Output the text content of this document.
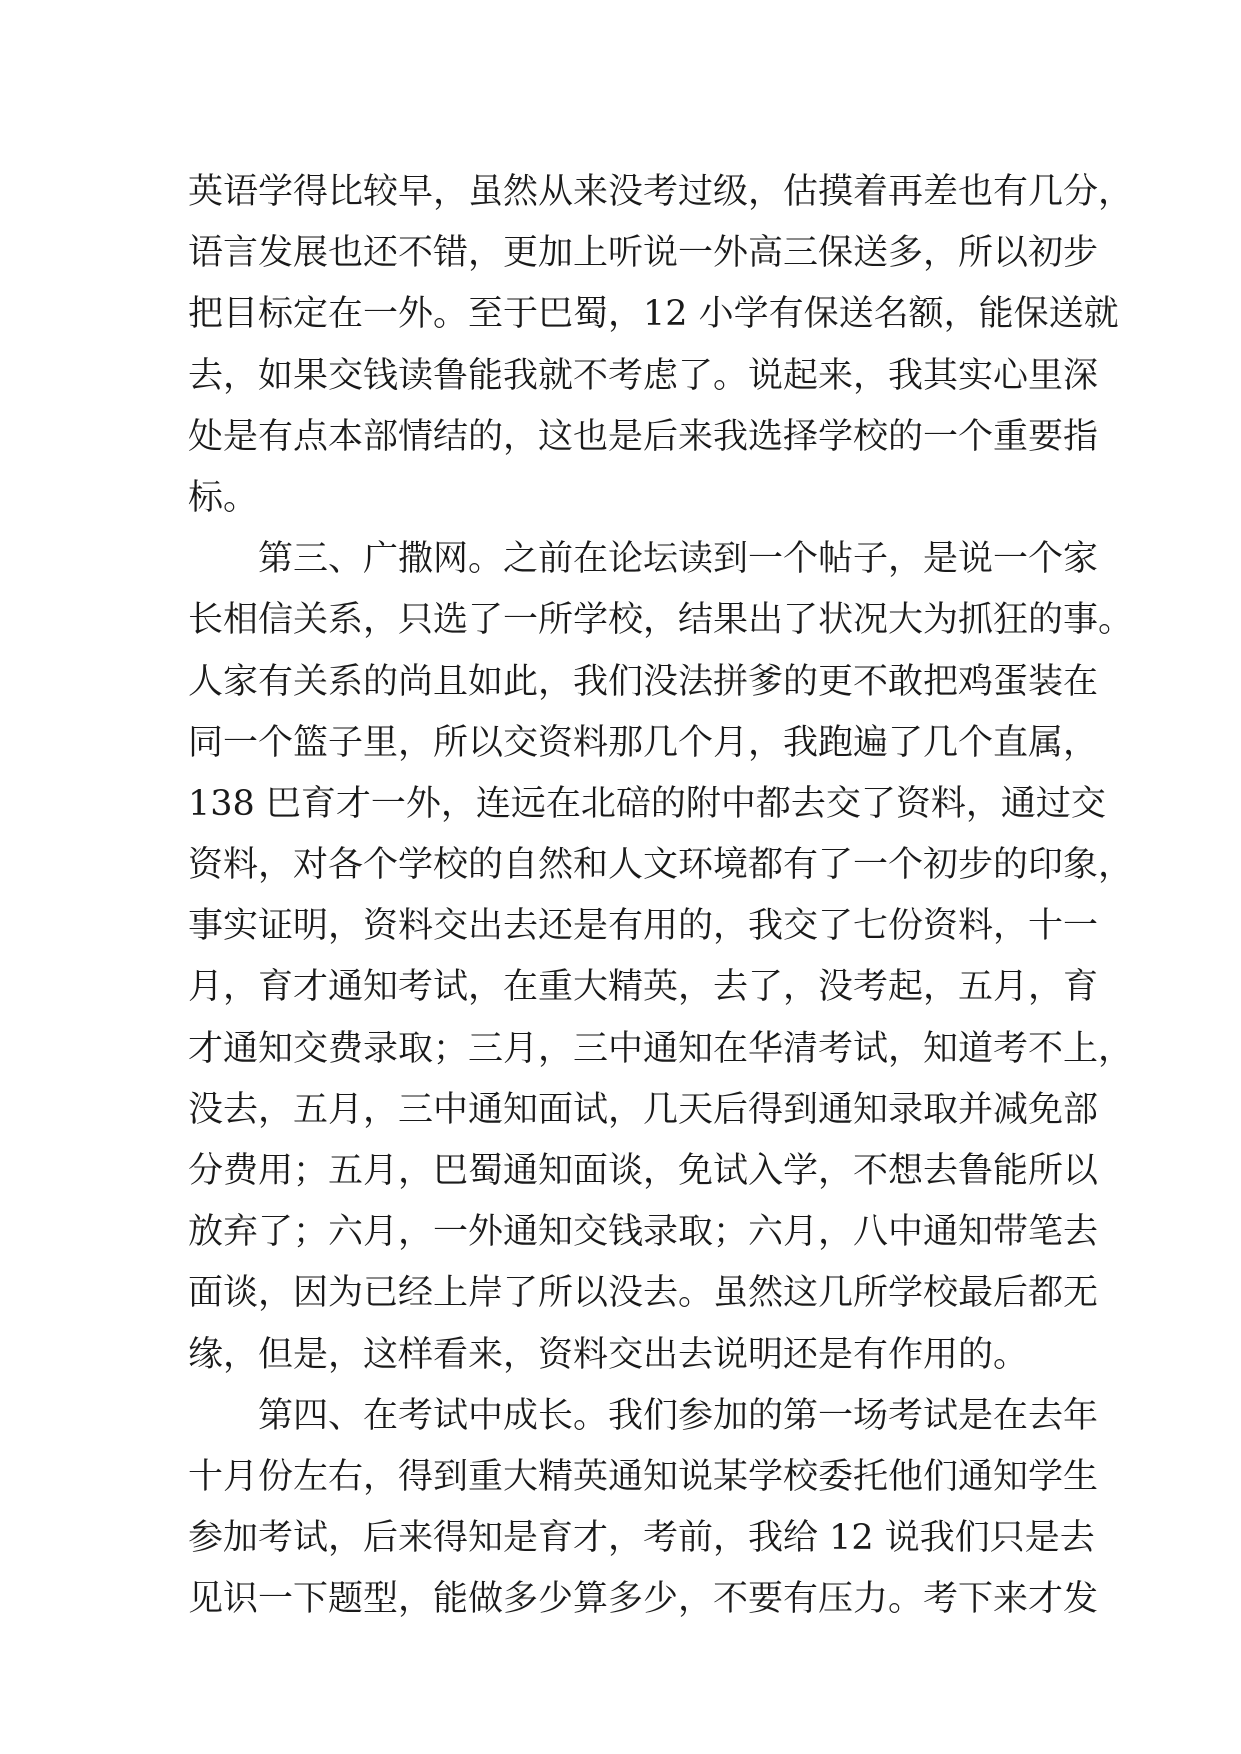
英语学得比较早，虽然从来没考过级，估摸着再差也有几分，
语言发展也还不错，更加上听说一外高三保送多，所以初步
把目标定在一外。至于巴蜀，12 小学有保送名额，能保送就
去，如果交钱读鲁能我就不考虑了。说起来，我其实心里深
处是有点本部情结的，这也是后来我选择学校的一个重要指
标。
第三、广撒网。之前在论坛读到一个帖子，是说一个家
长相信关系，只选了一所学校，结果出了状况大为抓狂的事。
人家有关系的尚且如此，我们没法拼爹的更不敢把鸡蛋装在
同一个篮子里，所以交资料那几个月，我跑遍了几个直属，
138 巴育才一外，连远在北碚的附中都去交了资料，通过交
资料，对各个学校的自然和人文环境都有了一个初步的印象，
事实证明，资料交出去还是有用的，我交了七份资料，十一
月，育才通知考试，在重大精英，去了，没考起，五月，育
才通知交费录取；三月，三中通知在华清考试，知道考不上，
没去，五月，三中通知面试，几天后得到通知录取并减免部
分费用；五月，巴蜀通知面谈，免试入学，不想去鲁能所以
放弃了；六月，一外通知交钱录取；六月，八中通知带笔去
面谈，因为已经上岸了所以没去。虽然这几所学校最后都无
缘，但是，这样看来，资料交出去说明还是有作用的。
第四、在考试中成长。我们参加的第一场考试是在去年
十月份左右，得到重大精英通知说某学校委托他们通知学生
参加考试，后来得知是育才，考前，我给 12 说我们只是去
见识一下题型，能做多少算多少，不要有压力。考下来才发
